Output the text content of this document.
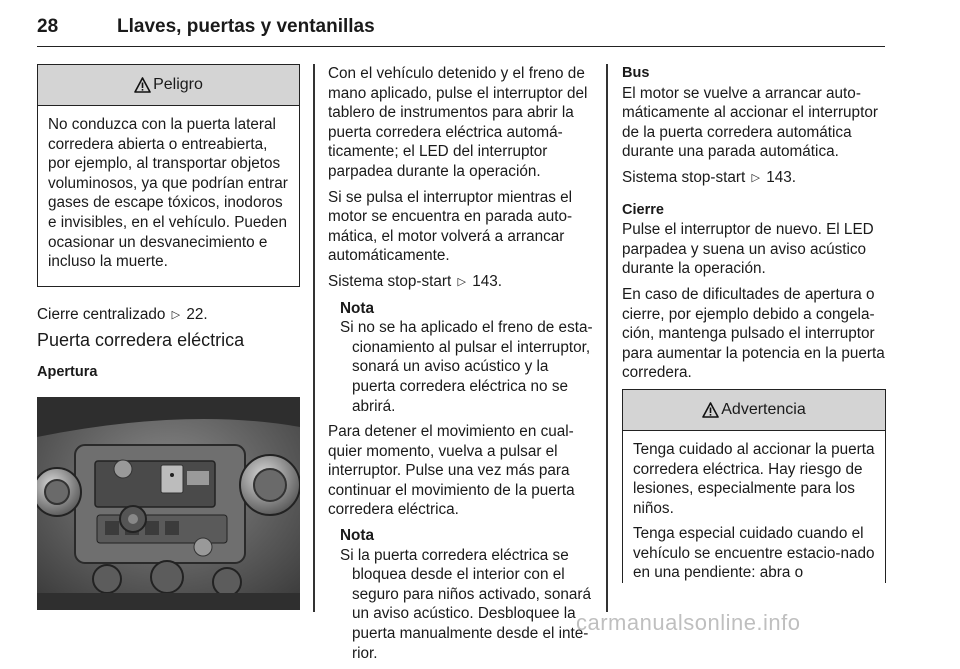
28	Llaves, puertas y ventanillas
Peligro

No conduzca con la puerta lateral corredera abierta o entreabierta, por ejemplo, al transportar objetos voluminosos, ya que podrían entrar gases de escape tóxicos, inodoros e invisibles, en el vehículo. Pueden ocasionar un desvanecimiento e incluso la muerte.

Cierre centralizado ▷ 22.

Puerta corredera eléctrica
Apertura

Con el vehículo detenido y el freno de mano aplicado, pulse el interruptor del tablero de instrumentos para abrir la puerta corredera eléctrica automá-ticamente; el LED del interruptor parpadea durante la operación.

Si se pulsa el interruptor mientras el motor se encuentra en parada auto-mática, el motor volverá a arrancar automáticamente.

Sistema stop-start ▷ 143.

Nota

Si no se ha aplicado el freno de esta-cionamiento al pulsar el interruptor, sonará un aviso acústico y la puerta corredera eléctrica no se abrirá.

Para detener el movimiento en cual-quier momento, vuelva a pulsar el interruptor. Pulse una vez más para continuar el movimiento de la puerta corredera eléctrica.

Nota

Si la puerta corredera eléctrica se bloquea desde el interior con el seguro para niños activado, sonará un aviso acústico. Desbloquee la puerta manualmente desde el inte-rior.

Bus

El motor se vuelve a arrancar auto-máticamente al accionar el interruptor de la puerta corredera automática durante una parada automática.

Sistema stop-start ▷ 143.

Cierre

Pulse el interruptor de nuevo. El LED parpadea y suena un aviso acústico durante la operación.

En caso de dificultades de apertura o cierre, por ejemplo debido a congela-ción, mantenga pulsado el interruptor para aumentar la potencia en la puerta corredera.

Advertencia

Tenga cuidado al accionar la puerta corredera eléctrica. Hay riesgo de lesiones, especialmente para los niños.

Tenga especial cuidado cuando el vehículo se encuentre estacio-nado en una pendiente: abra o

carmanualsonline.info
